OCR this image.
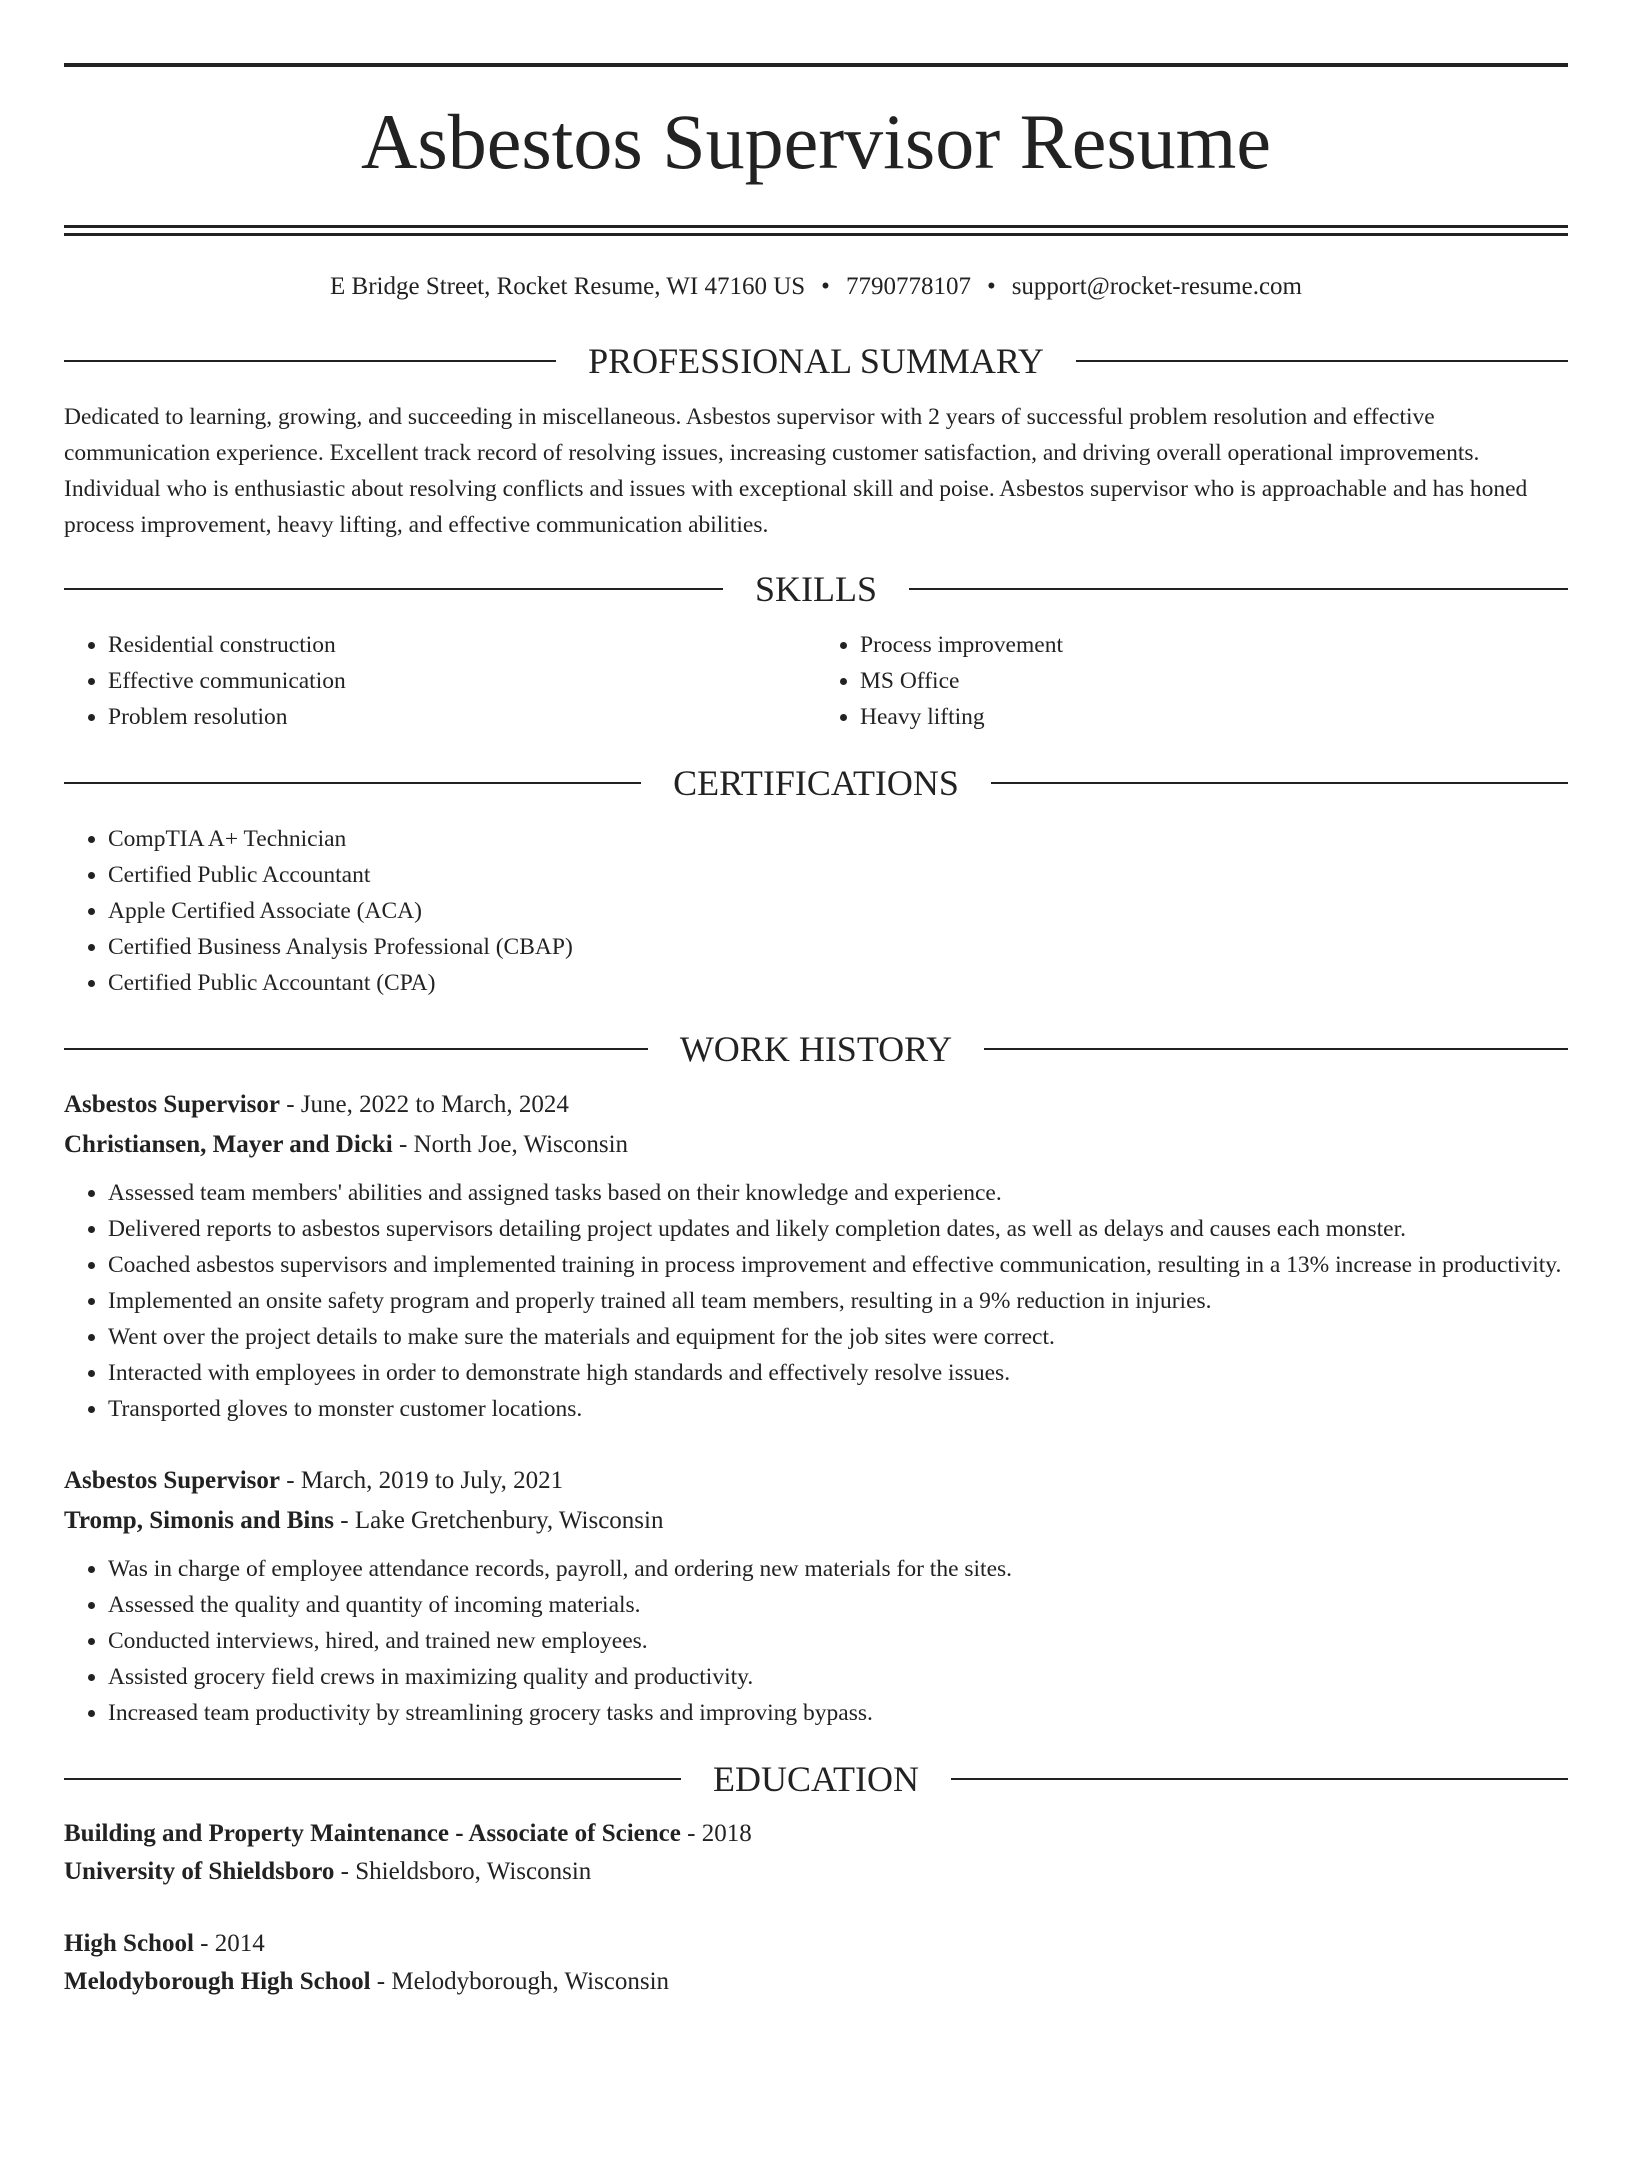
Asbestos Supervisor Resume
E Bridge Street, Rocket Resume, WI 47160 US • 7790778107 • support@rocket-resume.com
PROFESSIONAL SUMMARY

Dedicated to learning, growing, and succeeding in miscellaneous. Asbestos supervisor with 2 years of successful problem resolution and effective communication experience. Excellent track record of resolving issues, increasing customer satisfaction, and driving overall operational improvements. Individual who is enthusiastic about resolving conflicts and issues with exceptional skill and poise. Asbestos supervisor who is approachable and has honed process improvement, heavy lifting, and effective communication abilities.

SKILLS
• Residential construction
• Effective communication
• Problem resolution
• Process improvement
• MS Office
• Heavy lifting
CERTIFICATIONS
• CompTIA A+ Technician
• Certified Public Accountant
• Apple Certified Associate (ACA)
• Certified Business Analysis Professional (CBAP)
• Certified Public Accountant (CPA)
WORK HISTORY
Asbestos Supervisor - June, 2022 to March, 2024
Christiansen, Mayer and Dicki - North Joe, Wisconsin
• Assessed team members' abilities and assigned tasks based on their knowledge and experience.
• Delivered reports to asbestos supervisors detailing project updates and likely completion dates, as well as delays and causes each monster.
• Coached asbestos supervisors and implemented training in process improvement and effective communication, resulting in a 13% increase in productivity.
• Implemented an onsite safety program and properly trained all team members, resulting in a 9% reduction in injuries.
• Went over the project details to make sure the materials and equipment for the job sites were correct.
• Interacted with employees in order to demonstrate high standards and effectively resolve issues.
• Transported gloves to monster customer locations.
Asbestos Supervisor - March, 2019 to July, 2021
Tromp, Simonis and Bins - Lake Gretchenbury, Wisconsin
• Was in charge of employee attendance records, payroll, and ordering new materials for the sites.
• Assessed the quality and quantity of incoming materials.
• Conducted interviews, hired, and trained new employees.
• Assisted grocery field crews in maximizing quality and productivity.
• Increased team productivity by streamlining grocery tasks and improving bypass.
EDUCATION
Building and Property Maintenance - Associate of Science - 2018
University of Shieldsboro - Shieldsboro, Wisconsin
High School - 2014
Melodyborough High School - Melodyborough, Wisconsin
